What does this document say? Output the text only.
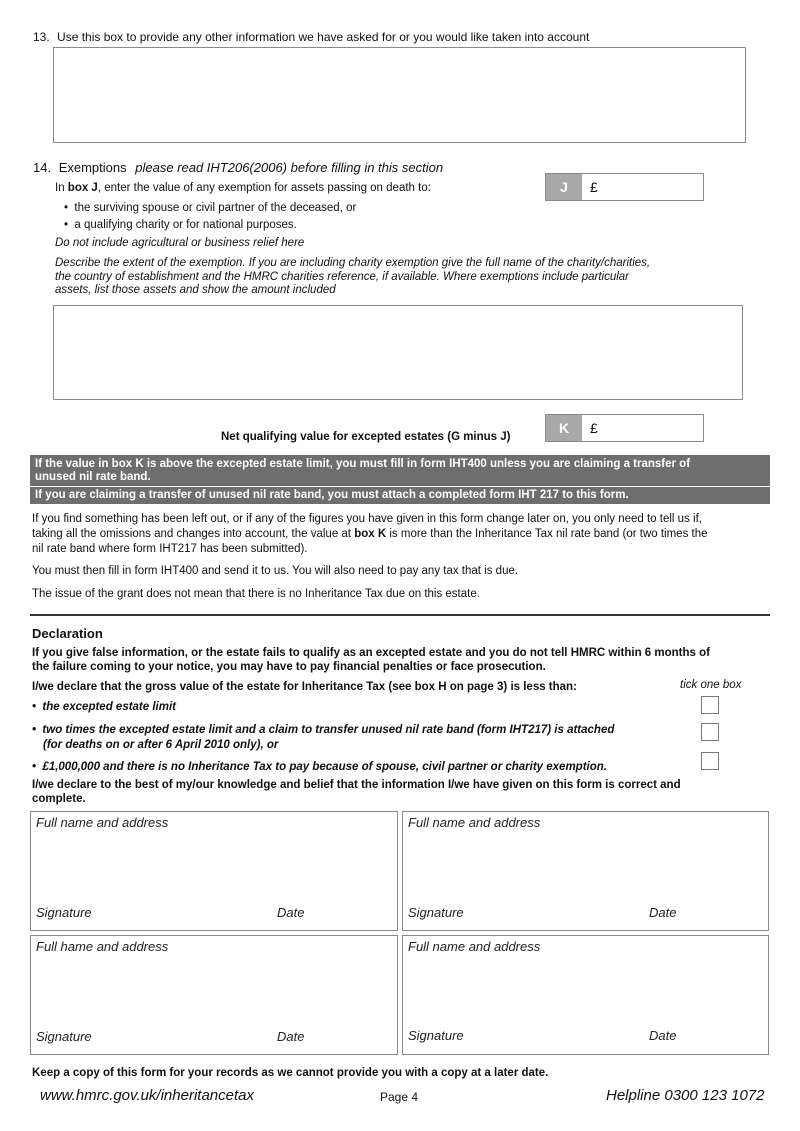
13. Use this box to provide any other information we have asked for or you would like taken into account
14. Exemptions please read IHT206(2006) before filling in this section
J	£
In box J, enter the value of any exemption for assets passing on death to:
•  the surviving spouse or civil partner of the deceased, or
•  a qualifying charity or for national purposes.
Do not include agricultural or business relief here
Describe the extent of the exemption. If you are including charity exemption give the full name of the charity/charities,
the country of establishment and the HMRC charities reference, if available. Where exemptions include particular
assets, list those assets and show the amount included
Net qualifying value for excepted estates (G minus J)
K	£
If the value in box K is above the excepted estate limit, you must fill in form IHT400 unless you are claiming a transfer of
unused nil rate band.
If you are claiming a transfer of unused nil rate band, you must attach a completed form IHT 217 to this form.
If you find something has been left out, or if any of the figures you have given in this form change later on, you only need to tell us if,
taking all the omissions and changes into account, the value at box K is more than the Inheritance Tax nil rate band (or two times the
nil rate band where form IHT217 has been submitted).
You must then fill in form IHT400 and send it to us. You will also need to pay any tax that is due.
The issue of the grant does not mean that there is no Inheritance Tax due on this estate.
Declaration
If you give false information, or the estate fails to qualify as an excepted estate and you do not tell HMRC within 6 months of
the failure coming to your notice, you may have to pay financial penalties or face prosecution.
I/we declare that the gross value of the estate for Inheritance Tax (see box H on page 3) is less than:	tick one box
•  the excepted estate limit
•  two times the excepted estate limit and a claim to transfer unused nil rate band (form IHT217) is attached
(for deaths on or after 6 April 2010 only), or
•  £1,000,000 and there is no Inheritance Tax to pay because of spouse, civil partner or charity exemption.
I/we declare to the best of my/our knowledge and belief that the information I/we have given on this form is correct and
complete.
Full name and address
Signature	Date
Full name and address
Signature	Date
Full hame and address
Signature	Date
Full name and address
Signature	Date
Keep a copy of this form for your records as we cannot provide you with a copy at a later date.
www.hmrc.gov.uk/inheritancetax	Page 4	Helpline 0300 123 1072
